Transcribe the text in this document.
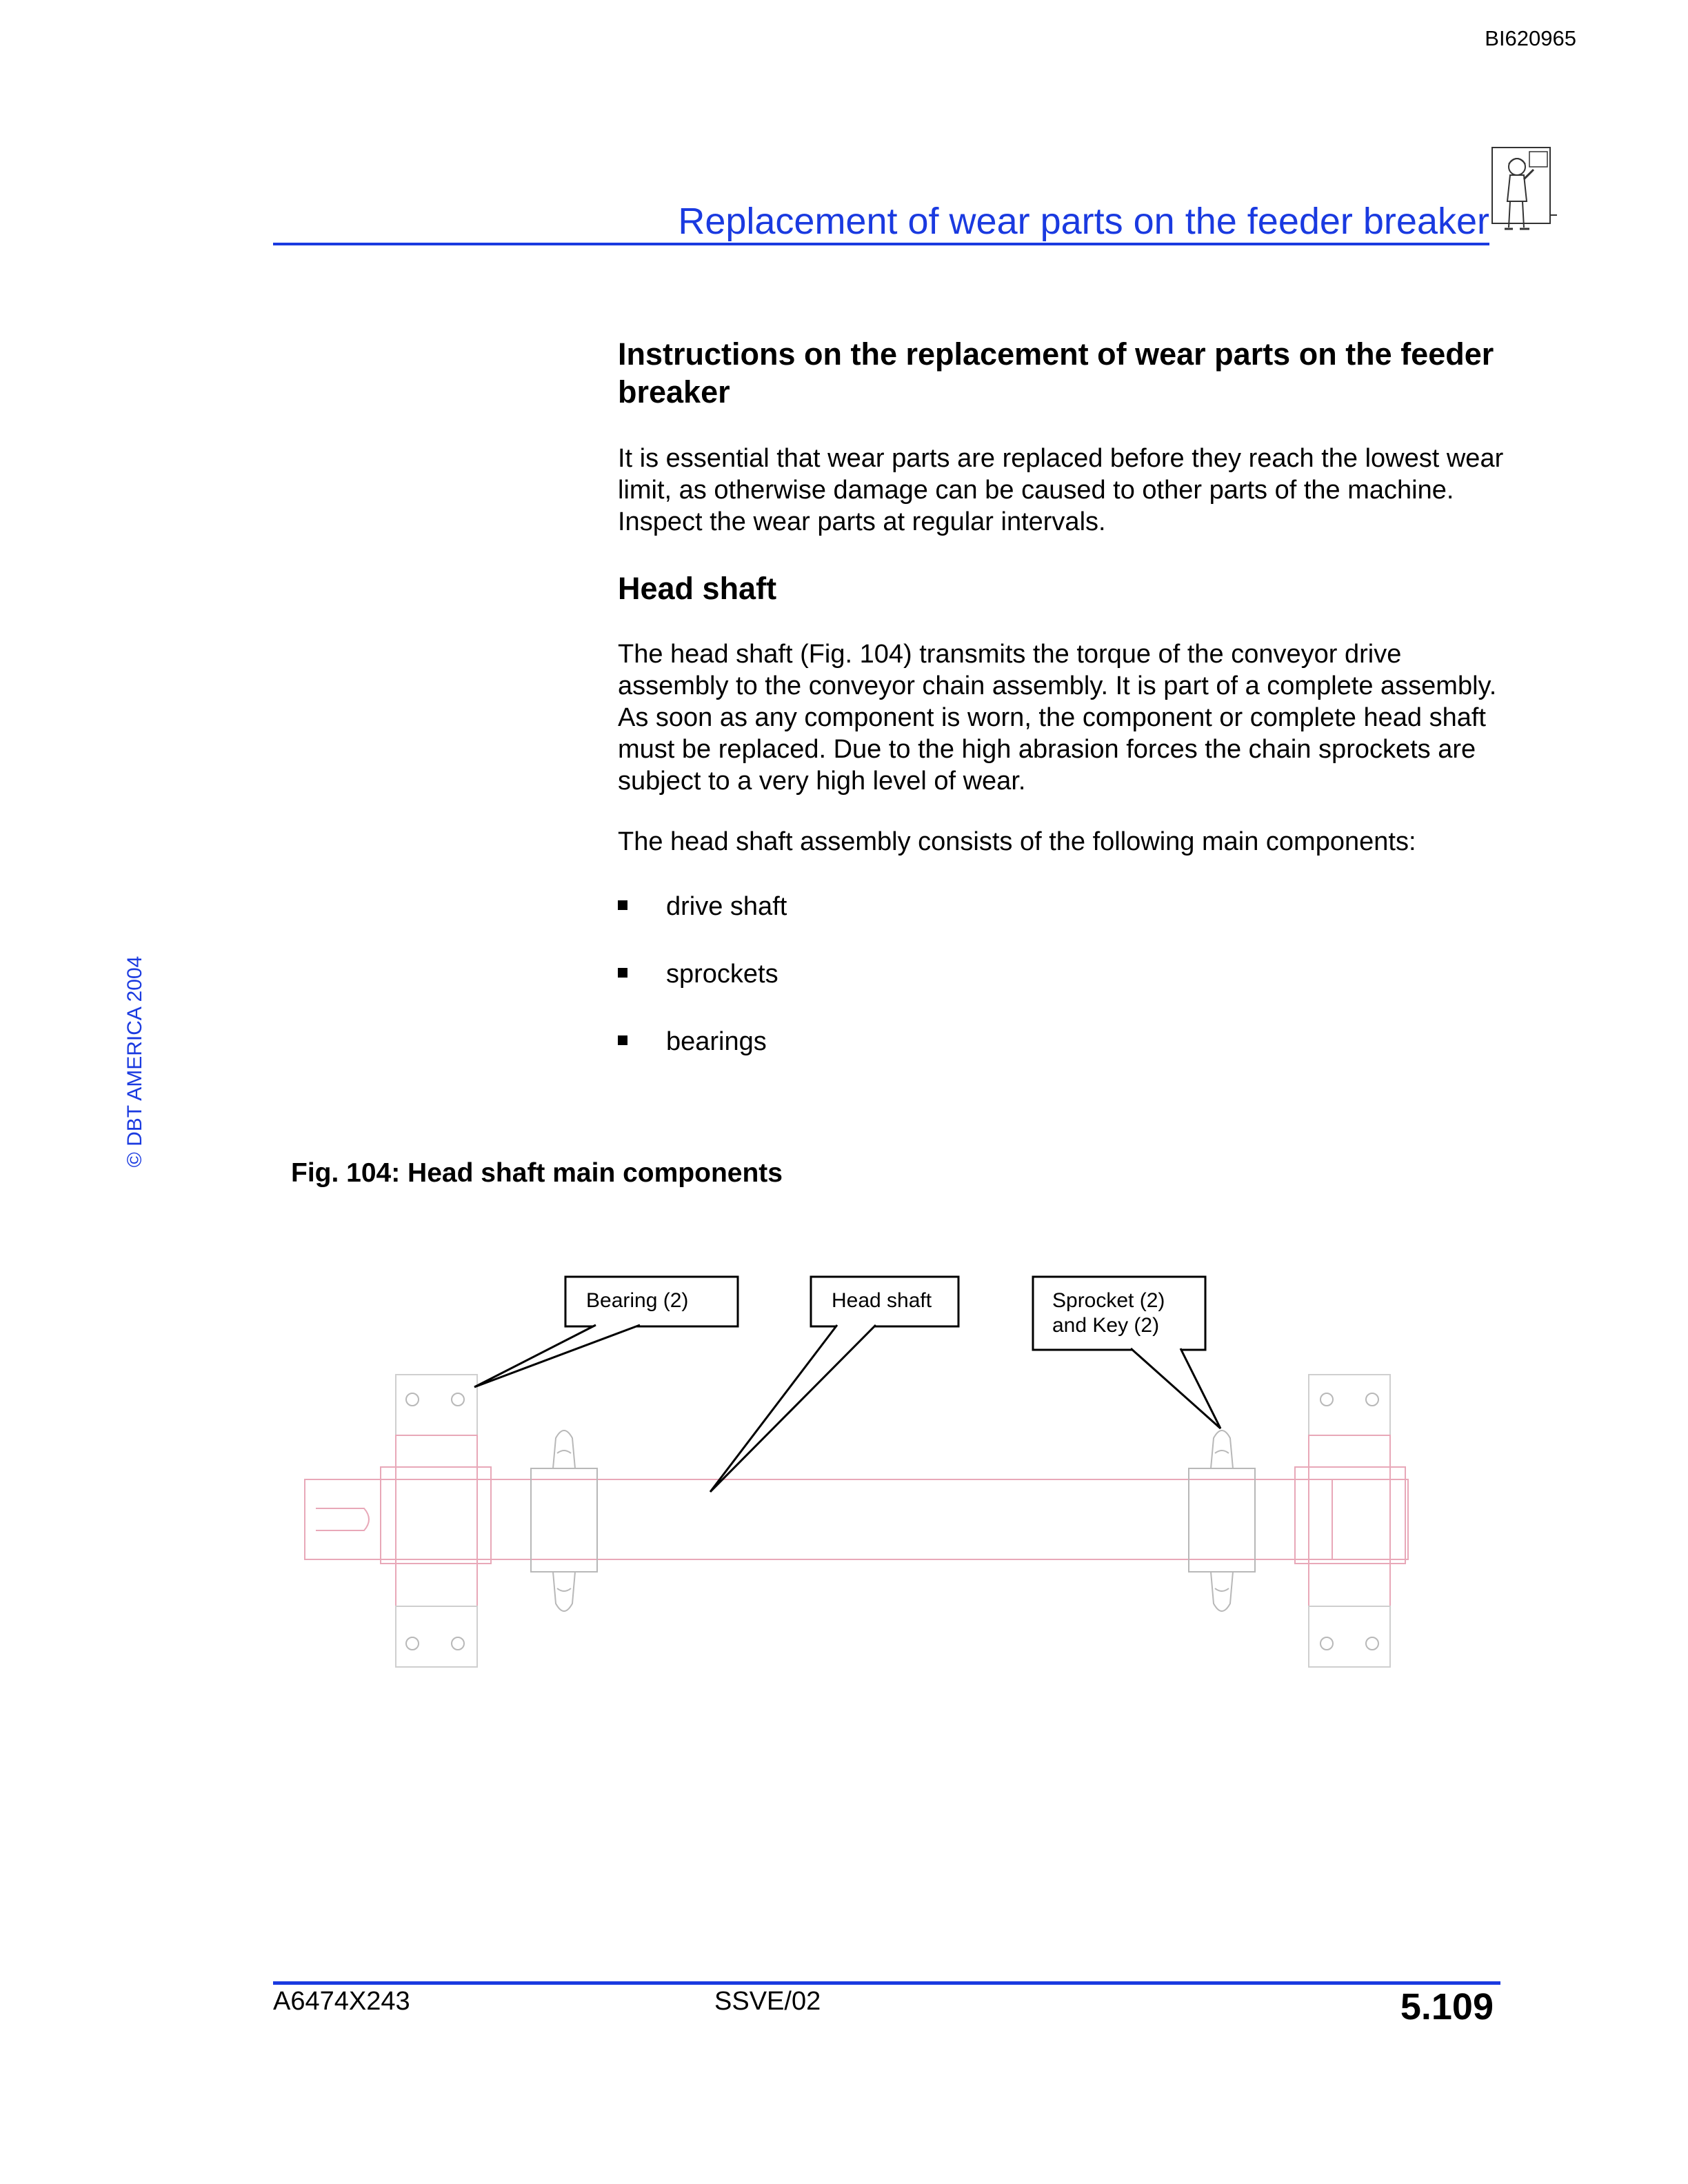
BI620965
Replacement of wear parts on the feeder breaker
© DBT AMERICA 2004
Instructions on the replacement of wear parts on the feeder breaker

It is essential that wear parts are replaced before they reach the lowest wear limit, as otherwise damage can be caused to other parts of the machine. Inspect the wear parts at regular intervals.

Head shaft

The head shaft (Fig. 104) transmits the torque of the conveyor drive assembly to the conveyor chain assembly. It is part of a complete assembly. As soon as any component is worn, the component or complete head shaft must be replaced. Due to the high abrasion forces the chain sprockets are subject to a very high level of wear.

The head shaft assembly consists of the following main components:

drive shaft
sprockets
bearings
Fig. 104: Head shaft main components
Bearing (2)	Head shaft	Sprocket (2)
and Key (2)
A6474X243	SSVE/02	5.109
